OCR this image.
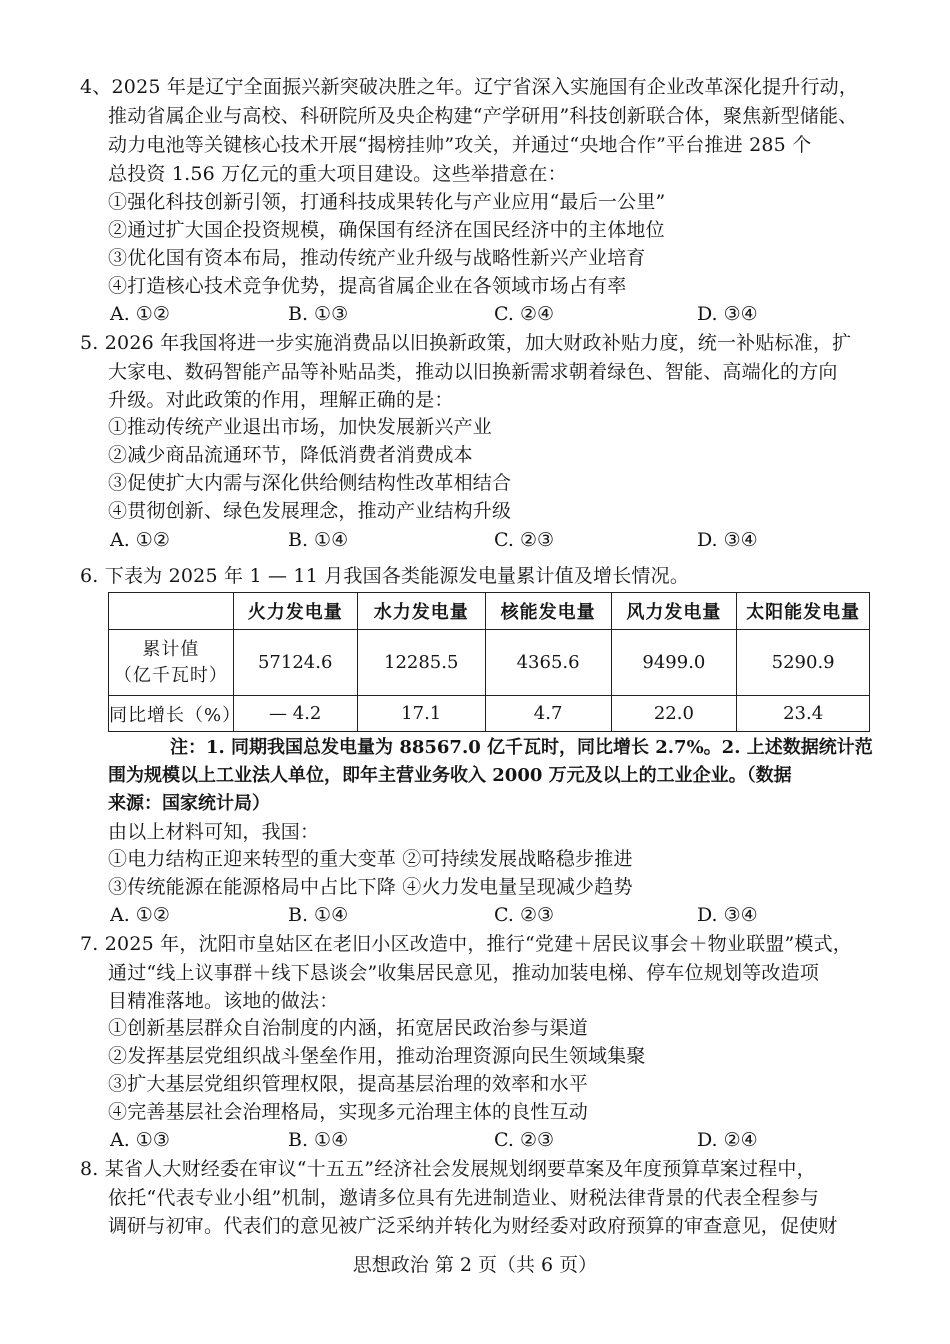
4、2025 年是辽宁全面振兴新突破决胜之年。辽宁省深入实施国有企业改革深化提升行动，
推动省属企业与高校、科研院所及央企构建“产学研用”科技创新联合体，聚焦新型储能、
动力电池等关键核心技术开展“揭榜挂帅”攻关，并通过“央地合作”平台推进 285 个
总投资 1.56 万亿元的重大项目建设。这些举措意在：
①强化科技创新引领，打通科技成果转化与产业应用“最后一公里”
②通过扩大国企投资规模，确保国有经济在国民经济中的主体地位
③优化国有资本布局，推动传统产业升级与战略性新兴产业培育
④打造核心技术竞争优势，提高省属企业在各领域市场占有率
A. ①②	B. ①③	C. ②④	D. ③④
5. 2026 年我国将进一步实施消费品以旧换新政策，加大财政补贴力度，统一补贴标准，扩
大家电、数码智能产品等补贴品类，推动以旧换新需求朝着绿色、智能、高端化的方向
升级。对此政策的作用，理解正确的是：
①推动传统产业退出市场，加快发展新兴产业
②减少商品流通环节，降低消费者消费成本
③促使扩大内需与深化供给侧结构性改革相结合
④贯彻创新、绿色发展理念，推动产业结构升级
A. ①②	B. ①④	C. ②③	D. ③④
6. 下表为 2025 年 1 — 11 月我国各类能源发电量累计值及增长情况。
	火力发电量	水力发电量	核能发电量	风力发电量	太阳能发电量

累计值
（亿千瓦时）	57124.6	12285.5	4365.6	9499.0	5290.9
同比增长（%）	— 4.2	17.1	4.7	22.0	23.4
注：1. 同期我国总发电量为 88567.0 亿千瓦时，同比增长 2.7%。2. 上述数据统计范
围为规模以上工业法人单位，即年主营业务收入 2000 万元及以上的工业企业。（数据
来源：国家统计局）
由以上材料可知，我国：
①电力结构正迎来转型的重大变革 ②可持续发展战略稳步推进
③传统能源在能源格局中占比下降 ④火力发电量呈现减少趋势
A. ①②	B. ①④	C. ②③	D. ③④
7. 2025 年，沈阳市皇姑区在老旧小区改造中，推行“党建＋居民议事会＋物业联盟”模式，
通过“线上议事群＋线下恳谈会”收集居民意见，推动加装电梯、停车位规划等改造项
目精准落地。该地的做法：
①创新基层群众自治制度的内涵，拓宽居民政治参与渠道
②发挥基层党组织战斗堡垒作用，推动治理资源向民生领域集聚
③扩大基层党组织管理权限，提高基层治理的效率和水平
④完善基层社会治理格局，实现多元治理主体的良性互动
A. ①③	B. ①④	C. ②③	D. ②④
8. 某省人大财经委在审议“十五五”经济社会发展规划纲要草案及年度预算草案过程中，
依托“代表专业小组”机制，邀请多位具有先进制造业、财税法律背景的代表全程参与
调研与初审。代表们的意见被广泛采纳并转化为财经委对政府预算的审查意见，促使财
思想政治 第 2 页（共 6 页）
